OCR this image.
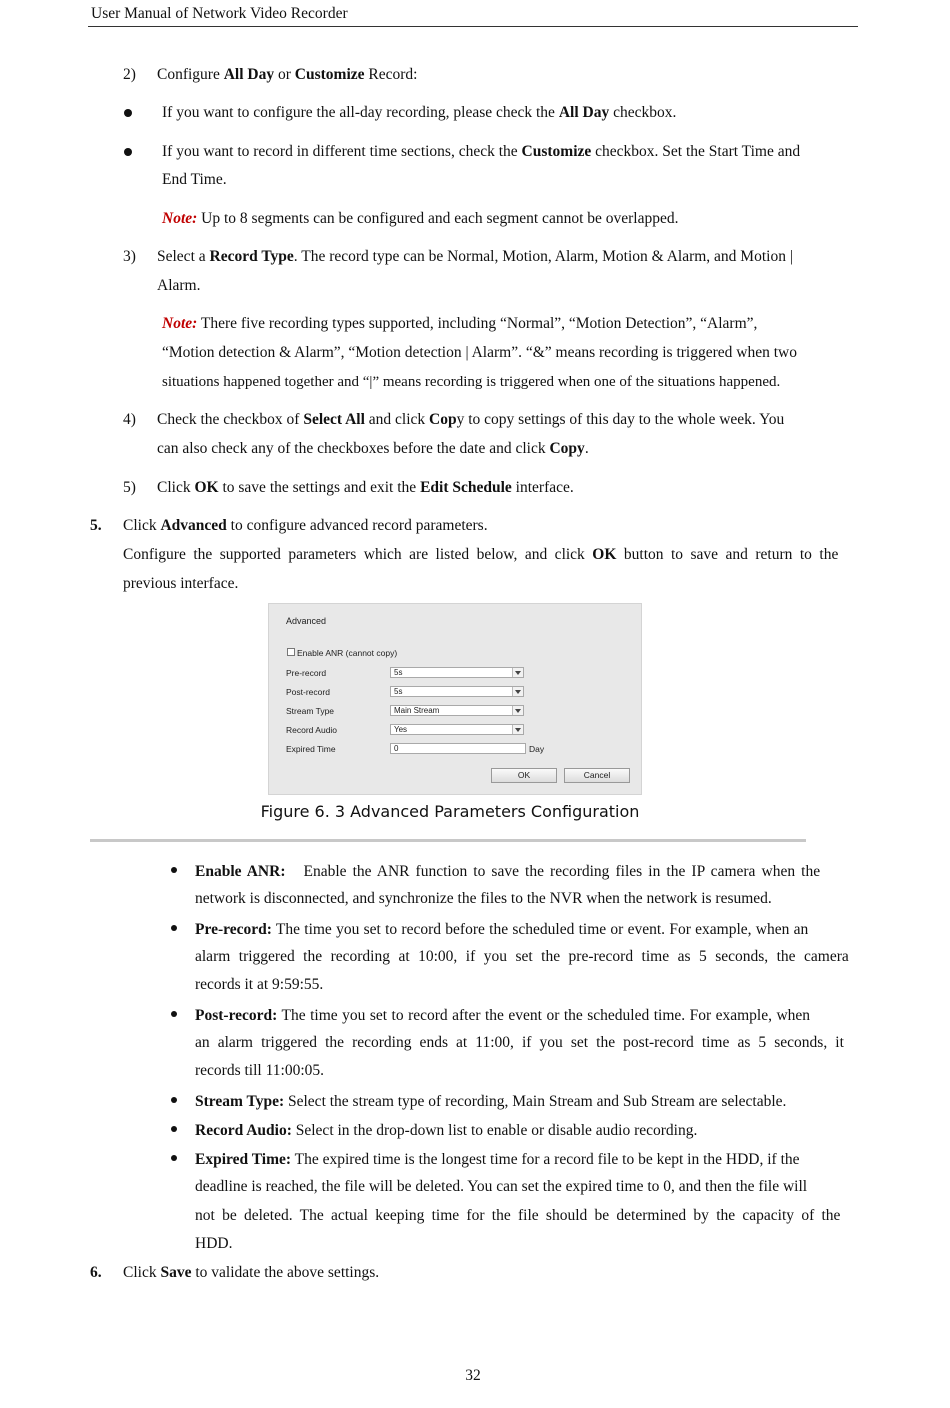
User Manual of Network Video Recorder
2) Configure All Day or Customize Record:
If you want to configure the all-day recording, please check the All Day checkbox.
If you want to record in different time sections, check the Customize checkbox. Set the Start Time and
End Time.
Note: Up to 8 segments can be configured and each segment cannot be overlapped.
3) Select a Record Type. The record type can be Normal, Motion, Alarm, Motion & Alarm, and Motion |
Alarm.
Note: There five recording types supported, including “Normal”, “Motion Detection”, “Alarm”,
“Motion detection & Alarm”, “Motion detection | Alarm”. “&” means recording is triggered when two
situations happened together and “|” means recording is triggered when one of the situations happened.
4) Check the checkbox of Select All and click Copy to copy settings of this day to the whole week. You
can also check any of the checkboxes before the date and click Copy.
5) Click OK to save the settings and exit the Edit Schedule interface.
5. Click Advanced to configure advanced record parameters.
Configure the supported parameters which are listed below, and click OK button to save and return to the
previous interface.
Advanced
Enable ANR (cannot copy)
Pre-record	5s
Post-record	5s
Stream Type	Main Stream
Record Audio	Yes
Expired Time	0	Day
OK	Cancel
Figure 6. 3 Advanced Parameters Configuration
Enable ANR: Enable the ANR function to save the recording files in the IP camera when the
network is disconnected, and synchronize the files to the NVR when the network is resumed.
Pre-record: The time you set to record before the scheduled time or event. For example, when an
alarm triggered the recording at 10:00, if you set the pre-record time as 5 seconds, the camera
records it at 9:59:55.
Post-record: The time you set to record after the event or the scheduled time. For example, when
an alarm triggered the recording ends at 11:00, if you set the post-record time as 5 seconds, it
records till 11:00:05.
Stream Type: Select the stream type of recording, Main Stream and Sub Stream are selectable.
Record Audio: Select in the drop-down list to enable or disable audio recording.
Expired Time: The expired time is the longest time for a record file to be kept in the HDD, if the
deadline is reached, the file will be deleted. You can set the expired time to 0, and then the file will
not be deleted. The actual keeping time for the file should be determined by the capacity of the
HDD.
6. Click Save to validate the above settings.
32
